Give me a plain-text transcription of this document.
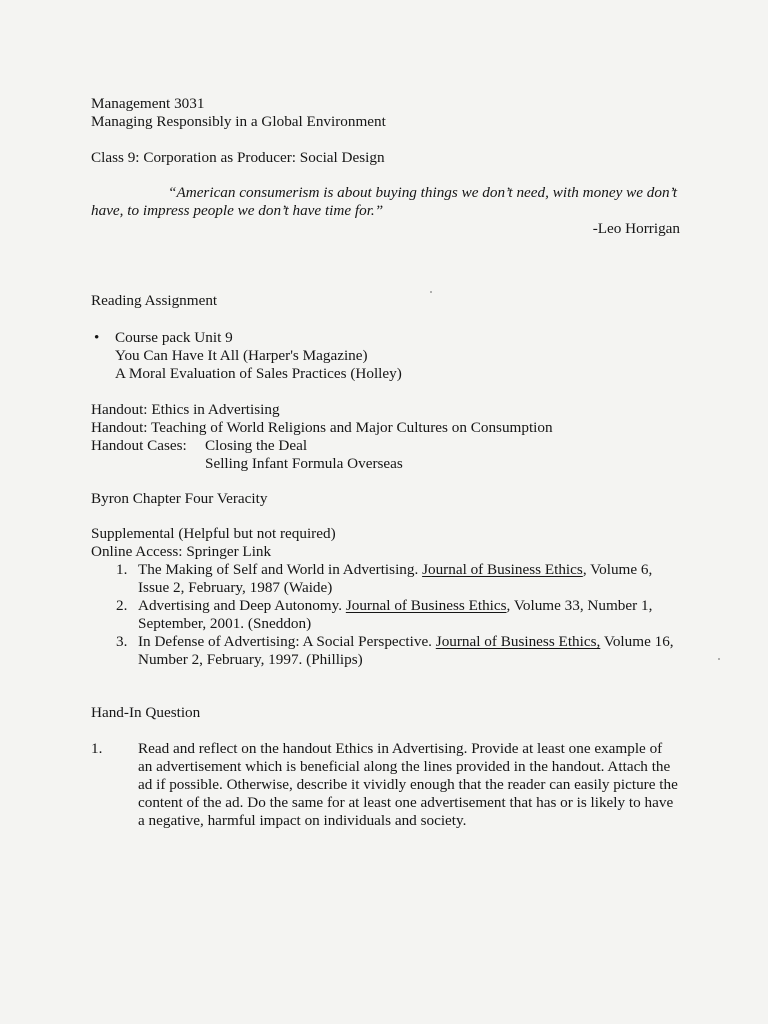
Management 3031
Managing Responsibly in a Global Environment
Class 9: Corporation as Producer: Social Design
“American consumerism is about buying things we don’t need, with money we don’t
have, to impress people we don’t have time for.”
-Leo Horrigan
Reading Assignment
• Course pack Unit 9
You Can Have It All (Harper's Magazine)
A Moral Evaluation of Sales Practices (Holley)
Handout: Ethics in Advertising
Handout: Teaching of World Religions and Major Cultures on Consumption
Handout Cases: Closing the Deal
Selling Infant Formula Overseas
Byron Chapter Four Veracity
Supplemental (Helpful but not required)
Online Access: Springer Link
1. The Making of Self and World in Advertising. Journal of Business Ethics, Volume 6,
Issue 2, February, 1987 (Waide)
2. Advertising and Deep Autonomy. Journal of Business Ethics, Volume 33, Number 1,
September, 2001. (Sneddon)
3. In Defense of Advertising: A Social Perspective. Journal of Business Ethics, Volume 16,
Number 2, February, 1997. (Phillips)
Hand-In Question
1. Read and reflect on the handout Ethics in Advertising. Provide at least one example of
an advertisement which is beneficial along the lines provided in the handout. Attach the
ad if possible. Otherwise, describe it vividly enough that the reader can easily picture the
content of the ad. Do the same for at least one advertisement that has or is likely to have
a negative, harmful impact on individuals and society.
